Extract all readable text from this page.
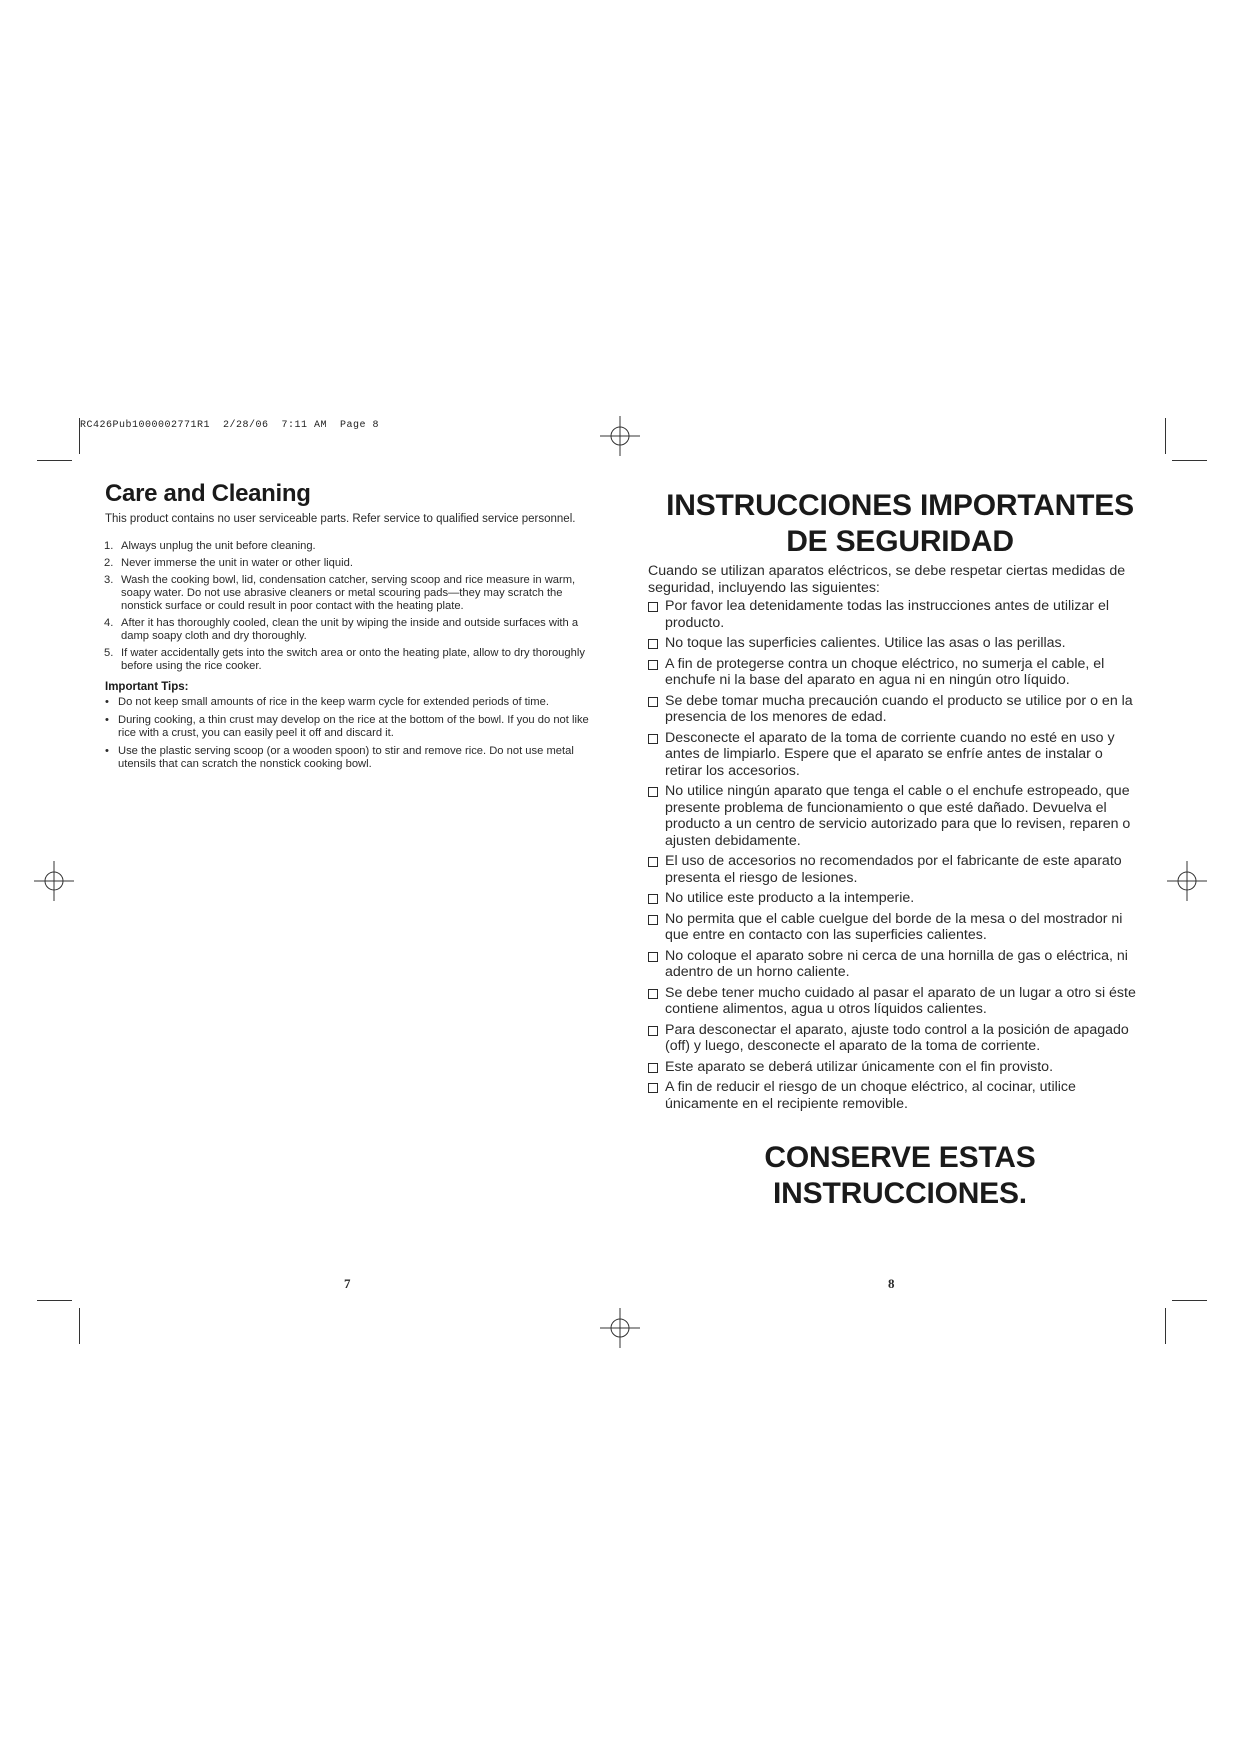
RC426Pub1000002771R1  2/28/06  7:11 AM  Page 8
Care and Cleaning
This product contains no user serviceable parts. Refer service to qualified service personnel.
1. Always unplug the unit before cleaning.
2. Never immerse the unit in water or other liquid.
3. Wash the cooking bowl, lid, condensation catcher, serving scoop and rice measure in warm, soapy water. Do not use abrasive cleaners or metal scouring pads—they may scratch the nonstick surface or could result in poor contact with the heating plate.
4. After it has thoroughly cooled, clean the unit by wiping the inside and outside surfaces with a damp soapy cloth and dry thoroughly.
5. If water accidentally gets into the switch area or onto the heating plate, allow to dry thoroughly before using the rice cooker.
Important Tips:
• Do not keep small amounts of rice in the keep warm cycle for extended periods of time.
• During cooking, a thin crust may develop on the rice at the bottom of the bowl. If you do not like rice with a crust, you can easily peel it off and discard it.
• Use the plastic serving scoop (or a wooden spoon) to stir and remove rice. Do not use metal utensils that can scratch the nonstick cooking bowl.
7
INSTRUCCIONES IMPORTANTES
DE SEGURIDAD
Cuando se utilizan aparatos eléctricos, se debe respetar ciertas medidas de seguridad, incluyendo las siguientes:
Por favor lea detenidamente todas las instrucciones antes de utilizar el producto.
No toque las superficies calientes. Utilice las asas o las perillas.
A fin de protegerse contra un choque eléctrico, no sumerja el cable, el enchufe ni la base del aparato en agua ni en ningún otro líquido.
Se debe tomar mucha precaución cuando el producto se utilice por o en la presencia de los menores de edad.
Desconecte el aparato de la toma de corriente cuando no esté en uso y antes de limpiarlo. Espere que el aparato se enfríe antes de instalar o retirar los accesorios.
No utilice ningún aparato que tenga el cable o el enchufe estropeado, que presente problema de funcionamiento o que esté dañado. Devuelva el producto a un centro de servicio autorizado para que lo revisen, reparen o ajusten debidamente.
El uso de accesorios no recomendados por el fabricante de este aparato presenta el riesgo de lesiones.
No utilice este producto a la intemperie.
No permita que el cable cuelgue del borde de la mesa o del mostrador ni que entre en contacto con las superficies calientes.
No coloque el aparato sobre ni cerca de una hornilla de gas o eléctrica, ni adentro de un horno caliente.
Se debe tener mucho cuidado al pasar el aparato de un lugar a otro si éste contiene alimentos, agua u otros líquidos calientes.
Para desconectar el aparato, ajuste todo control a la posición de apagado (off) y luego, desconecte el aparato de la toma de corriente.
Este aparato se deberá utilizar únicamente con el fin provisto.
A fin de reducir el riesgo de un choque eléctrico, al cocinar, utilice únicamente en el recipiente removible.
CONSERVE ESTAS
INSTRUCCIONES.
8
